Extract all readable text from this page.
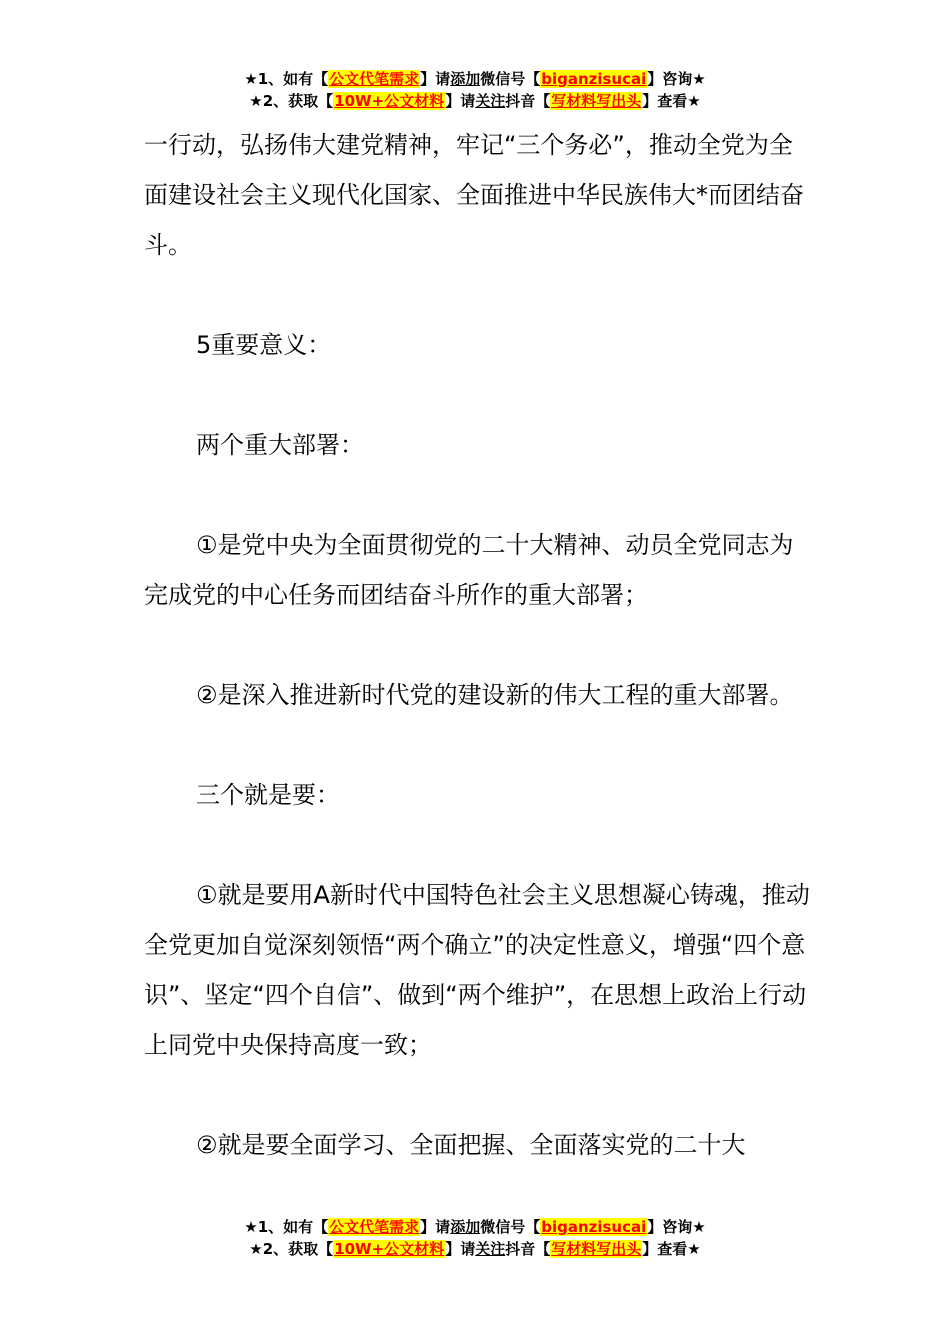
★1、如有【公文代笔需求】请添加微信号【biganzisucai】咨询★
★2、获取【10W+公文材料】请关注抖音【写材料写出头】查看★

一行动，弘扬伟大建党精神，牢记“三个务必”，推动全党为全面建设社会主义现代化国家、全面推进中华民族伟大*而团结奋斗。

5重要意义：

两个重大部署：

①是党中央为全面贯彻党的二十大精神、动员全党同志为完成党的中心任务而团结奋斗所作的重大部署；

②是深入推进新时代党的建设新的伟大工程的重大部署。

三个就是要：

①就是要用A新时代中国特色社会主义思想凝心铸魂，推动全党更加自觉深刻领悟“两个确立”的决定性意义，增强“四个意识”、坚定“四个自信”、做到“两个维护”，在思想上政治上行动上同党中央保持高度一致；

②就是要全面学习、全面把握、全面落实党的二十大

★1、如有【公文代笔需求】请添加微信号【biganzisucai】咨询★
★2、获取【10W+公文材料】请关注抖音【写材料写出头】查看★
